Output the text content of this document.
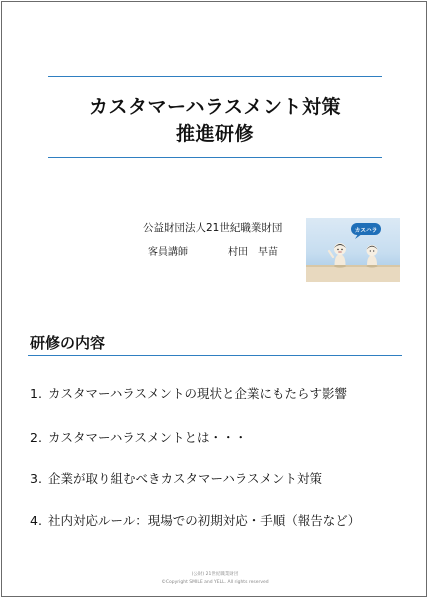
カスタマーハラスメント対策
推進研修
公益財団法人21世紀職業財団
客員講師	村田　早苗
カスハラ
研修の内容
1. カスタマーハラスメントの現状と企業にもたらす影響
2. カスタマーハラスメントとは・・・
3. 企業が取り組むべきカスタマーハラスメント対策
4. 社内対応ルール：現場での初期対応・手順（報告など）
(公財) 21世紀職業財団
©Copyright SMILE and YELL. All rights reserved
